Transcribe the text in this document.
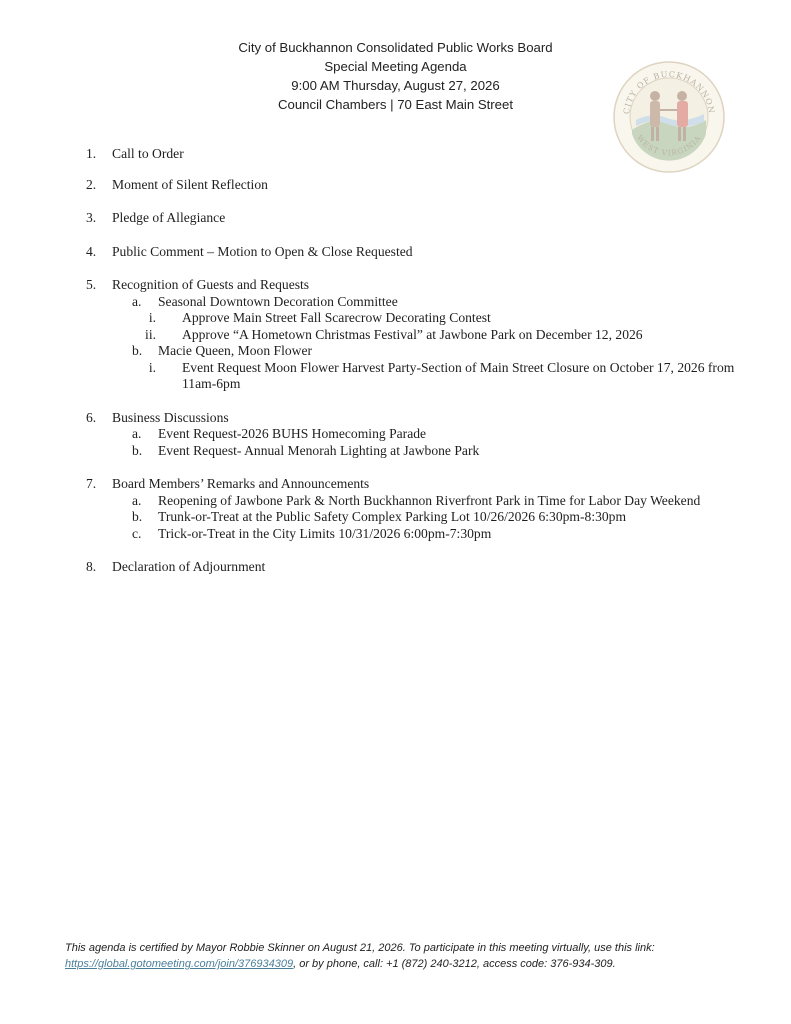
City of Buckhannon Consolidated Public Works Board
Special Meeting Agenda
9:00 AM Thursday, August 27, 2026
Council Chambers | 70 East Main Street	CITY OF BUCKHANNON
WEST VIRGINIA
1.	Call to Order
2.	Moment of Silent Reflection
3.	Pledge of Allegiance
4.	Public Comment – Motion to Open & Close Requested
5.	Recognition of Guests and Requests
a.	Seasonal Downtown Decoration Committee
i.	Approve Main Street Fall Scarecrow Decorating Contest
ii.	Approve “A Hometown Christmas Festival” at Jawbone Park on December 12, 2026
b.	Macie Queen, Moon Flower
i.	Event Request Moon Flower Harvest Party-Section of Main Street Closure on October 17, 2026 from 11am-6pm
6.	Business Discussions
a.	Event Request-2026 BUHS Homecoming Parade
b.	Event Request- Annual Menorah Lighting at Jawbone Park
7.	Board Members’ Remarks and Announcements
a.	Reopening of Jawbone Park & North Buckhannon Riverfront Park in Time for Labor Day Weekend
b.	Trunk-or-Treat at the Public Safety Complex Parking Lot 10/26/2026 6:30pm-8:30pm
c.	Trick-or-Treat in the City Limits 10/31/2026 6:00pm-7:30pm
8.	Declaration of Adjournment
This agenda is certified by Mayor Robbie Skinner on August 21, 2026. To participate in this meeting virtually, use this link:
https://global.gotomeeting.com/join/376934309, or by phone, call: +1 (872) 240-3212, access code: 376-934-309.
